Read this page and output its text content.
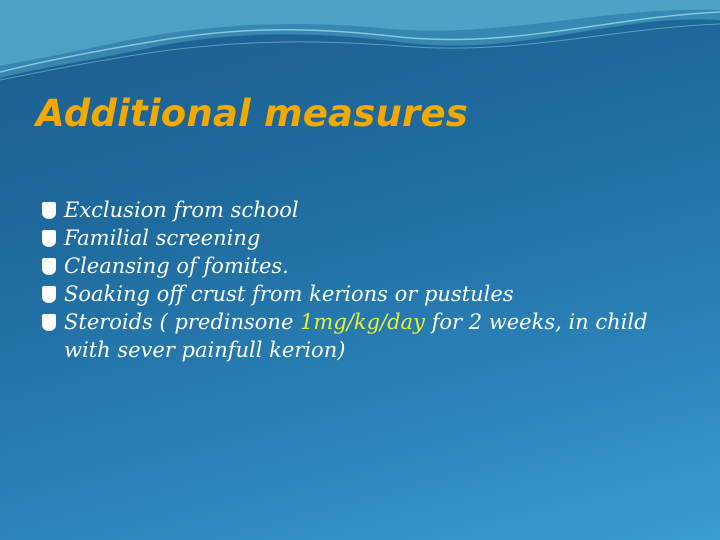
Additional measures
Exclusion from school
Familial screening
Cleansing of fomites.
Soaking off crust from kerions or pustules
Steroids ( predinsone 1mg/kg/day for 2 weeks, in child with sever painfull kerion)
